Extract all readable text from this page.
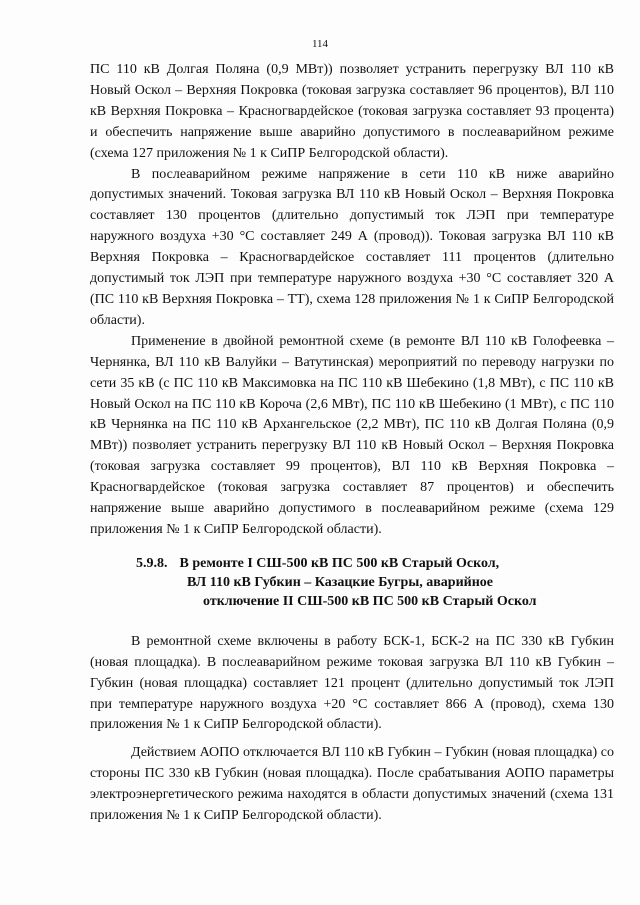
114

ПС 110 кВ Долгая Поляна (0,9 МВт)) позволяет устранить перегрузку ВЛ 110 кВ Новый Оскол – Верхняя Покровка (токовая загрузка составляет 96 процентов), ВЛ 110 кВ Верхняя Покровка – Красногвардейское (токовая загрузка составляет 93 процента) и обеспечить напряжение выше аварийно допустимого в послеаварийном режиме (схема 127 приложения № 1 к СиПР Белгородской области).

В послеаварийном режиме напряжение в сети 110 кВ ниже аварийно допустимых значений. Токовая загрузка ВЛ 110 кВ Новый Оскол – Верхняя Покровка составляет 130 процентов (длительно допустимый ток ЛЭП при температуре наружного воздуха +30 °С составляет 249 А (провод)). Токовая загрузка ВЛ 110 кВ Верхняя Покровка – Красногвардейское составляет 111 процентов (длительно допустимый ток ЛЭП при температуре наружного воздуха +30 °С составляет 320 А (ПС 110 кВ Верхняя Покровка – ТТ), схема 128 приложения № 1 к СиПР Белгородской области).

Применение в двойной ремонтной схеме (в ремонте ВЛ 110 кВ Голофеевка – Чернянка, ВЛ 110 кВ Валуйки – Ватутинская) мероприятий по переводу нагрузки по сети 35 кВ (с ПС 110 кВ Максимовка на ПС 110 кВ Шебекино (1,8 МВт), с ПС 110 кВ Новый Оскол на ПС 110 кВ Короча (2,6 МВт), ПС 110 кВ Шебекино (1 МВт), с ПС 110 кВ Чернянка на ПС 110 кВ Архангельское (2,2 МВт), ПС 110 кВ Долгая Поляна (0,9 МВт)) позволяет устранить перегрузку ВЛ 110 кВ Новый Оскол – Верхняя Покровка (токовая загрузка составляет 99 процентов), ВЛ 110 кВ Верхняя Покровка – Красногвардейское (токовая загрузка составляет 87 процентов) и обеспечить напряжение выше аварийно допустимого в послеаварийном режиме (схема 129 приложения № 1 к СиПР Белгородской области).

5.9.8. В ремонте I СШ-500 кВ ПС 500 кВ Старый Оскол,
ВЛ 110 кВ Губкин – Казацкие Бугры, аварийное
отключение II СШ-500 кВ ПС 500 кВ Старый Оскол

В ремонтной схеме включены в работу БСК-1, БСК-2 на ПС 330 кВ Губкин (новая площадка). В послеаварийном режиме токовая загрузка ВЛ 110 кВ Губкин – Губкин (новая площадка) составляет 121 процент (длительно допустимый ток ЛЭП при температуре наружного воздуха +20 °С составляет 866 А (провод), схема 130 приложения № 1 к СиПР Белгородской области).

Действием АОПО отключается ВЛ 110 кВ Губкин – Губкин (новая площадка) со стороны ПС 330 кВ Губкин (новая площадка). После срабатывания АОПО параметры электроэнергетического режима находятся в области допустимых значений (схема 131 приложения № 1 к СиПР Белгородской области).
